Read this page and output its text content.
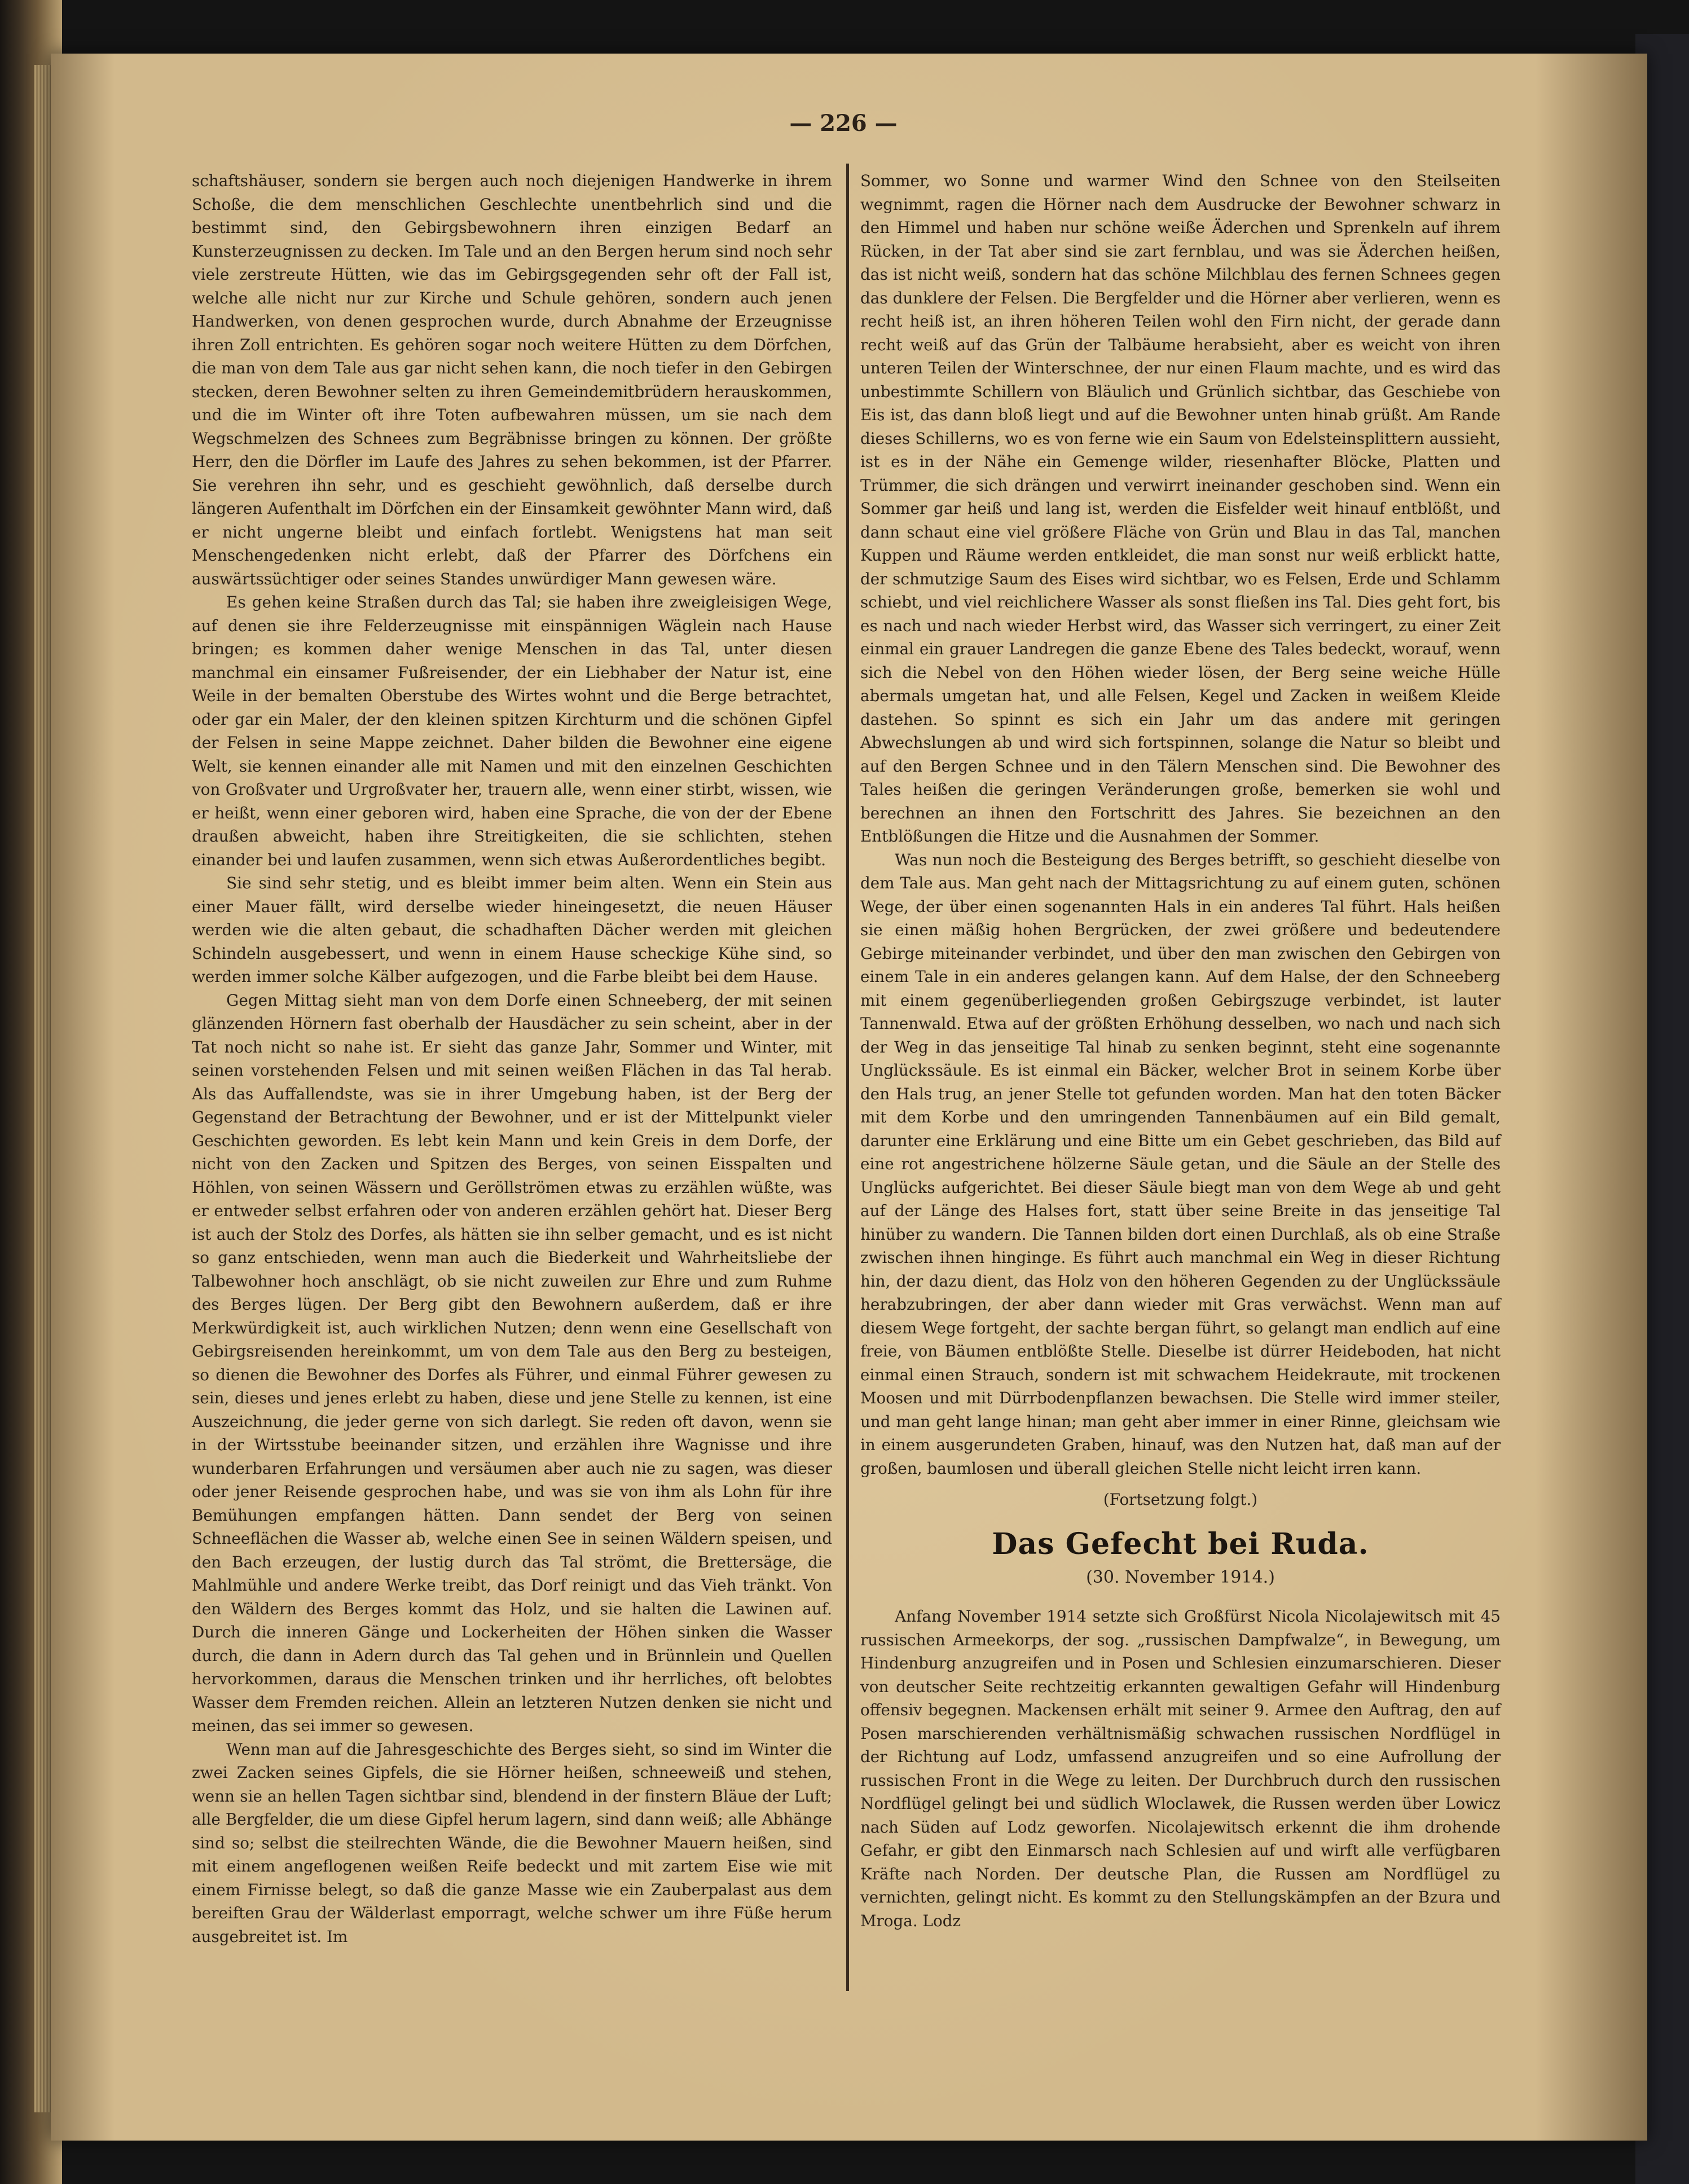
— 226 —

schaftshäuser, sondern sie bergen auch noch diejenigen Handwerke in ihrem Schoße, die dem menschlichen Geschlechte unentbehrlich sind und die bestimmt sind, den Gebirgsbewohnern ihren einzigen Bedarf an Kunsterzeugnissen zu decken. Im Tale und an den Bergen herum sind noch sehr viele zerstreute Hütten, wie das im Gebirgsgegenden sehr oft der Fall ist, welche alle nicht nur zur Kirche und Schule gehören, sondern auch jenen Handwerken, von denen gesprochen wurde, durch Abnahme der Erzeugnisse ihren Zoll entrichten. Es gehören sogar noch weitere Hütten zu dem Dörfchen, die man von dem Tale aus gar nicht sehen kann, die noch tiefer in den Gebirgen stecken, deren Bewohner selten zu ihren Gemeindemitbrüdern herauskommen, und die im Winter oft ihre Toten aufbewahren müssen, um sie nach dem Wegschmelzen des Schnees zum Begräbnisse bringen zu können. Der größte Herr, den die Dörfler im Laufe des Jahres zu sehen bekommen, ist der Pfarrer. Sie verehren ihn sehr, und es geschieht gewöhnlich, daß derselbe durch längeren Aufenthalt im Dörfchen ein der Einsamkeit gewöhnter Mann wird, daß er nicht ungerne bleibt und einfach fortlebt. Wenigstens hat man seit Menschengedenken nicht erlebt, daß der Pfarrer des Dörfchens ein auswärtssüchtiger oder seines Standes unwürdiger Mann gewesen wäre.

Es gehen keine Straßen durch das Tal; sie haben ihre zweigleisigen Wege, auf denen sie ihre Felderzeugnisse mit einspännigen Wäglein nach Hause bringen; es kommen daher wenige Menschen in das Tal, unter diesen manchmal ein einsamer Fußreisender, der ein Liebhaber der Natur ist, eine Weile in der bemalten Oberstube des Wirtes wohnt und die Berge betrachtet, oder gar ein Maler, der den kleinen spitzen Kirchturm und die schönen Gipfel der Felsen in seine Mappe zeichnet. Daher bilden die Bewohner eine eigene Welt, sie kennen einander alle mit Namen und mit den einzelnen Geschichten von Großvater und Urgroßvater her, trauern alle, wenn einer stirbt, wissen, wie er heißt, wenn einer geboren wird, haben eine Sprache, die von der der Ebene draußen abweicht, haben ihre Streitigkeiten, die sie schlichten, stehen einander bei und laufen zusammen, wenn sich etwas Außerordentliches begibt.

Sie sind sehr stetig, und es bleibt immer beim alten. Wenn ein Stein aus einer Mauer fällt, wird derselbe wieder hineingesetzt, die neuen Häuser werden wie die alten gebaut, die schadhaften Dächer werden mit gleichen Schindeln ausgebessert, und wenn in einem Hause scheckige Kühe sind, so werden immer solche Kälber aufgezogen, und die Farbe bleibt bei dem Hause.

Gegen Mittag sieht man von dem Dorfe einen Schneeberg, der mit seinen glänzenden Hörnern fast oberhalb der Hausdächer zu sein scheint, aber in der Tat noch nicht so nahe ist. Er sieht das ganze Jahr, Sommer und Winter, mit seinen vorstehenden Felsen und mit seinen weißen Flächen in das Tal herab. Als das Auffallendste, was sie in ihrer Umgebung haben, ist der Berg der Gegenstand der Betrachtung der Bewohner, und er ist der Mittelpunkt vieler Geschichten geworden. Es lebt kein Mann und kein Greis in dem Dorfe, der nicht von den Zacken und Spitzen des Berges, von seinen Eisspalten und Höhlen, von seinen Wässern und Geröllströmen etwas zu erzählen wüßte, was er entweder selbst erfahren oder von anderen erzählen gehört hat. Dieser Berg ist auch der Stolz des Dorfes, als hätten sie ihn selber gemacht, und es ist nicht so ganz entschieden, wenn man auch die Biederkeit und Wahrheitsliebe der Talbewohner hoch anschlägt, ob sie nicht zuweilen zur Ehre und zum Ruhme des Berges lügen. Der Berg gibt den Bewohnern außerdem, daß er ihre Merkwürdigkeit ist, auch wirklichen Nutzen; denn wenn eine Gesellschaft von Gebirgsreisenden hereinkommt, um von dem Tale aus den Berg zu besteigen, so dienen die Bewohner des Dorfes als Führer, und einmal Führer gewesen zu sein, dieses und jenes erlebt zu haben, diese und jene Stelle zu kennen, ist eine Auszeichnung, die jeder gerne von sich darlegt. Sie reden oft davon, wenn sie in der Wirtsstube beeinander sitzen, und erzählen ihre Wagnisse und ihre wunderbaren Erfahrungen und versäumen aber auch nie zu sagen, was dieser oder jener Reisende gesprochen habe, und was sie von ihm als Lohn für ihre Bemühungen empfangen hätten. Dann sendet der Berg von seinen Schneeflächen die Wasser ab, welche einen See in seinen Wäldern speisen, und den Bach erzeugen, der lustig durch das Tal strömt, die Brettersäge, die Mahlmühle und andere Werke treibt, das Dorf reinigt und das Vieh tränkt. Von den Wäldern des Berges kommt das Holz, und sie halten die Lawinen auf. Durch die inneren Gänge und Lockerheiten der Höhen sinken die Wasser durch, die dann in Adern durch das Tal gehen und in Brünnlein und Quellen hervorkommen, daraus die Menschen trinken und ihr herrliches, oft belobtes Wasser dem Fremden reichen. Allein an letzteren Nutzen denken sie nicht und meinen, das sei immer so gewesen.

Wenn man auf die Jahresgeschichte des Berges sieht, so sind im Winter die zwei Zacken seines Gipfels, die sie Hörner heißen, schneeweiß und stehen, wenn sie an hellen Tagen sichtbar sind, blendend in der finstern Bläue der Luft; alle Bergfelder, die um diese Gipfel herum lagern, sind dann weiß; alle Abhänge sind so; selbst die steilrechten Wände, die die Bewohner Mauern heißen, sind mit einem angeflogenen weißen Reife bedeckt und mit zartem Eise wie mit einem Firnisse belegt, so daß die ganze Masse wie ein Zauberpalast aus dem bereiften Grau der Wälderlast emporragt, welche schwer um ihre Füße herum ausgebreitet ist. Im

Sommer, wo Sonne und warmer Wind den Schnee von den Steilseiten wegnimmt, ragen die Hörner nach dem Ausdrucke der Bewohner schwarz in den Himmel und haben nur schöne weiße Äderchen und Sprenkeln auf ihrem Rücken, in der Tat aber sind sie zart fernblau, und was sie Äderchen heißen, das ist nicht weiß, sondern hat das schöne Milchblau des fernen Schnees gegen das dunklere der Felsen. Die Bergfelder und die Hörner aber verlieren, wenn es recht heiß ist, an ihren höheren Teilen wohl den Firn nicht, der gerade dann recht weiß auf das Grün der Talbäume herabsieht, aber es weicht von ihren unteren Teilen der Winterschnee, der nur einen Flaum machte, und es wird das unbestimmte Schillern von Bläulich und Grünlich sichtbar, das Geschiebe von Eis ist, das dann bloß liegt und auf die Bewohner unten hinab grüßt. Am Rande dieses Schillerns, wo es von ferne wie ein Saum von Edelsteinsplittern aussieht, ist es in der Nähe ein Gemenge wilder, riesenhafter Blöcke, Platten und Trümmer, die sich drängen und verwirrt ineinander geschoben sind. Wenn ein Sommer gar heiß und lang ist, werden die Eisfelder weit hinauf entblößt, und dann schaut eine viel größere Fläche von Grün und Blau in das Tal, manchen Kuppen und Räume werden entkleidet, die man sonst nur weiß erblickt hatte, der schmutzige Saum des Eises wird sichtbar, wo es Felsen, Erde und Schlamm schiebt, und viel reichlichere Wasser als sonst fließen ins Tal. Dies geht fort, bis es nach und nach wieder Herbst wird, das Wasser sich verringert, zu einer Zeit einmal ein grauer Landregen die ganze Ebene des Tales bedeckt, worauf, wenn sich die Nebel von den Höhen wieder lösen, der Berg seine weiche Hülle abermals umgetan hat, und alle Felsen, Kegel und Zacken in weißem Kleide dastehen. So spinnt es sich ein Jahr um das andere mit geringen Abwechslungen ab und wird sich fortspinnen, solange die Natur so bleibt und auf den Bergen Schnee und in den Tälern Menschen sind. Die Bewohner des Tales heißen die geringen Veränderungen große, bemerken sie wohl und berechnen an ihnen den Fortschritt des Jahres. Sie bezeichnen an den Entblößungen die Hitze und die Ausnahmen der Sommer.

Was nun noch die Besteigung des Berges betrifft, so geschieht dieselbe von dem Tale aus. Man geht nach der Mittagsrichtung zu auf einem guten, schönen Wege, der über einen sogenannten Hals in ein anderes Tal führt. Hals heißen sie einen mäßig hohen Bergrücken, der zwei größere und bedeutendere Gebirge miteinander verbindet, und über den man zwischen den Gebirgen von einem Tale in ein anderes gelangen kann. Auf dem Halse, der den Schneeberg mit einem gegenüberliegenden großen Gebirgszuge verbindet, ist lauter Tannenwald. Etwa auf der größten Erhöhung desselben, wo nach und nach sich der Weg in das jenseitige Tal hinab zu senken beginnt, steht eine sogenannte Unglückssäule. Es ist einmal ein Bäcker, welcher Brot in seinem Korbe über den Hals trug, an jener Stelle tot gefunden worden. Man hat den toten Bäcker mit dem Korbe und den umringenden Tannenbäumen auf ein Bild gemalt, darunter eine Erklärung und eine Bitte um ein Gebet geschrieben, das Bild auf eine rot angestrichene hölzerne Säule getan, und die Säule an der Stelle des Unglücks aufgerichtet. Bei dieser Säule biegt man von dem Wege ab und geht auf der Länge des Halses fort, statt über seine Breite in das jenseitige Tal hinüber zu wandern. Die Tannen bilden dort einen Durchlaß, als ob eine Straße zwischen ihnen hinginge. Es führt auch manchmal ein Weg in dieser Richtung hin, der dazu dient, das Holz von den höheren Gegenden zu der Unglückssäule herabzubringen, der aber dann wieder mit Gras verwächst. Wenn man auf diesem Wege fortgeht, der sachte bergan führt, so gelangt man endlich auf eine freie, von Bäumen entblößte Stelle. Dieselbe ist dürrer Heideboden, hat nicht einmal einen Strauch, sondern ist mit schwachem Heidekraute, mit trockenen Moosen und mit Dürrbodenpflanzen bewachsen. Die Stelle wird immer steiler, und man geht lange hinan; man geht aber immer in einer Rinne, gleichsam wie in einem ausgerundeten Graben, hinauf, was den Nutzen hat, daß man auf der großen, baumlosen und überall gleichen Stelle nicht leicht irren kann.

(Fortsetzung folgt.)
Das Gefecht bei Ruda.
(30. November 1914.)

Anfang November 1914 setzte sich Großfürst Nicola Nicolajewitsch mit 45 russischen Armeekorps, der sog. „russischen Dampfwalze“, in Bewegung, um Hindenburg anzugreifen und in Posen und Schlesien einzumarschieren. Dieser von deutscher Seite rechtzeitig erkannten gewaltigen Gefahr will Hindenburg offensiv begegnen. Mackensen erhält mit seiner 9. Armee den Auftrag, den auf Posen marschierenden verhältnismäßig schwachen russischen Nordflügel in der Richtung auf Lodz, umfassend anzugreifen und so eine Aufrollung der russischen Front in die Wege zu leiten. Der Durchbruch durch den russischen Nordflügel gelingt bei und südlich Wloclawek, die Russen werden über Lowicz nach Süden auf Lodz geworfen. Nicolajewitsch erkennt die ihm drohende Gefahr, er gibt den Einmarsch nach Schlesien auf und wirft alle verfügbaren Kräfte nach Norden. Der deutsche Plan, die Russen am Nordflügel zu vernichten, gelingt nicht. Es kommt zu den Stellungskämpfen an der Bzura und Mroga. Lodz
